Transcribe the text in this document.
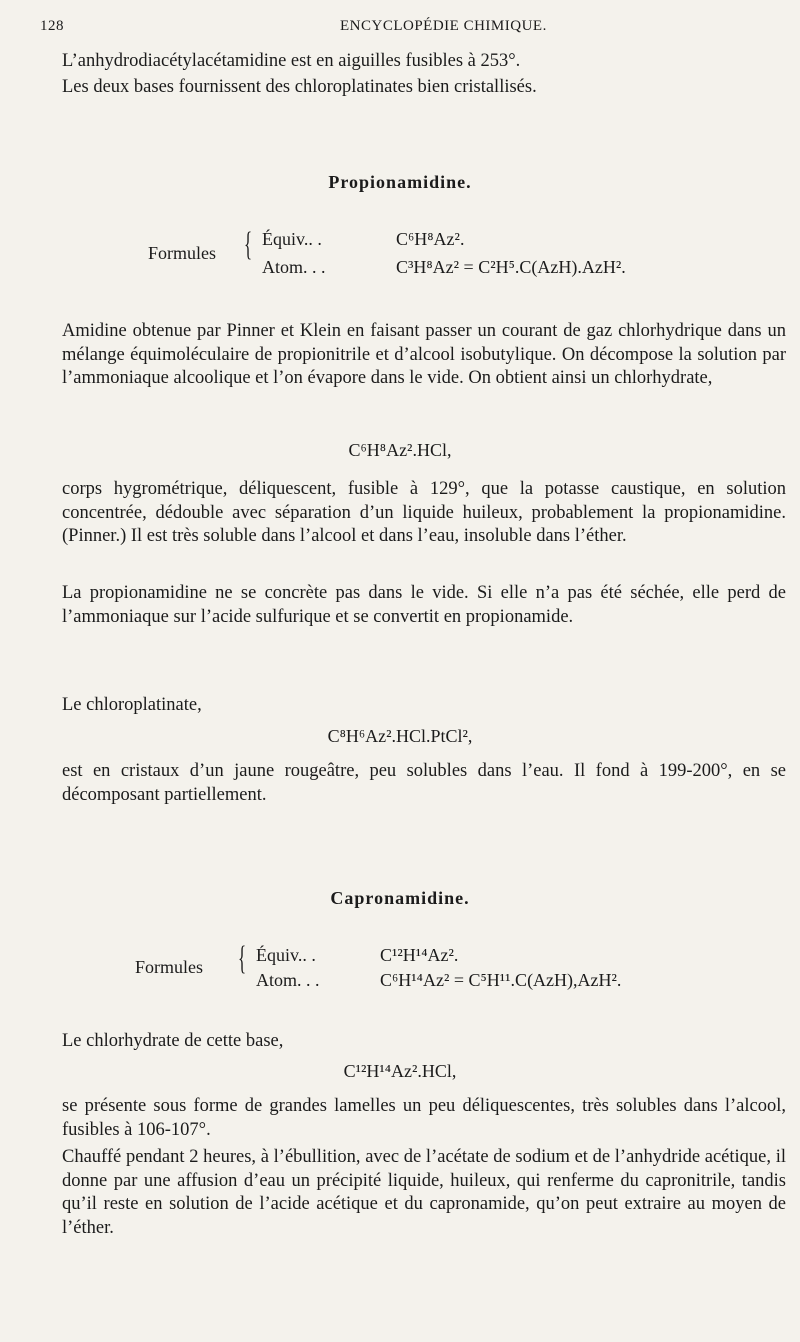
128	ENCYCLOPÉDIE CHIMIQUE.

L’anhydrodiacétylacétamidine est en aiguilles fusibles à 253°.

Les deux bases fournissent des chloroplatinates bien cristallisés.

Propionamidine.
Formules { Équiv.. .	C⁶H⁸Az².
Atom. . .	C³H⁸Az² = C²H⁵.C(AzH).AzH².

Amidine obtenue par Pinner et Klein en faisant passer un courant de gaz chlorhydrique dans un mélange équimoléculaire de propionitrile et d’alcool isobutylique. On décompose la solution par l’ammoniaque alcoolique et l’on évapore dans le vide. On obtient ainsi un chlorhydrate,

C⁶H⁸Az².HCl,

corps hygrométrique, déliquescent, fusible à 129°, que la potasse caustique, en solution concentrée, dédouble avec séparation d’un liquide huileux, probablement la propionamidine. (Pinner.) Il est très soluble dans l’alcool et dans l’eau, insoluble dans l’éther.

La propionamidine ne se concrète pas dans le vide. Si elle n’a pas été séchée, elle perd de l’ammoniaque sur l’acide sulfurique et se convertit en propionamide.

Le chloroplatinate,

C⁸H⁶Az².HCl.PtCl²,

est en cristaux d’un jaune rougeâtre, peu solubles dans l’eau. Il fond à 199-200°, en se décomposant partiellement.

Capronamidine.
Formules { Équiv.. .	C¹²H¹⁴Az².
Atom. . .	C⁶H¹⁴Az² = C⁵H¹¹.C(AzH),AzH².

Le chlorhydrate de cette base,

C¹²H¹⁴Az².HCl,

se présente sous forme de grandes lamelles un peu déliquescentes, très solubles dans l’alcool, fusibles à 106-107°.

Chauffé pendant 2 heures, à l’ébullition, avec de l’acétate de sodium et de l’anhydride acétique, il donne par une affusion d’eau un précipité liquide, huileux, qui renferme du capronitrile, tandis qu’il reste en solution de l’acide acétique et du capronamide, qu’on peut extraire au moyen de l’éther.
